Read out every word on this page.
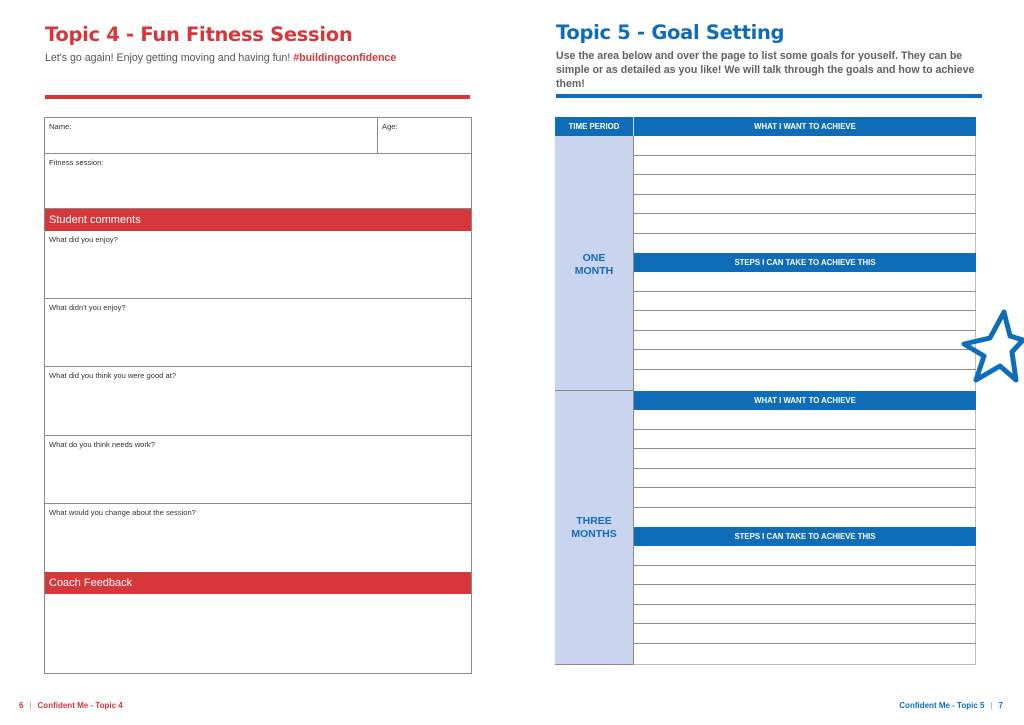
Topic 4 - Fun Fitness Session
Let's go again! Enjoy getting moving and having fun! #buildingconfidence
Name:	Age:
Fitness session:
Student comments
What did you enjoy?
What didn't you enjoy?
What did you think you were good at?
What do you think needs work?
What would you change about the session?
Coach Feedback
6 | Confident Me - Topic 4
Topic 5 - Goal Setting
Use the area below and over the page to list some goals for youself. They can be simple or as detailed as you like! We will talk through the goals and how to achieve them!
TIME PERIOD	WHAT I WANT TO ACHIEVE
ONE
MONTH
STEPS I CAN TAKE TO ACHIEVE THIS
THREE
MONTHS
WHAT I WANT TO ACHIEVE
STEPS I CAN TAKE TO ACHIEVE THIS
Confident Me - Topic 5 | 7
